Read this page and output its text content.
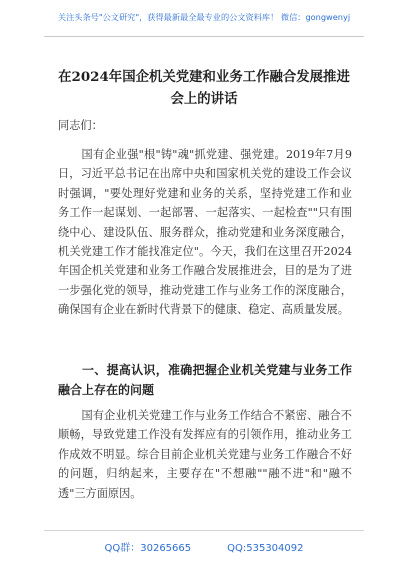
关注头条号"公文研究"，获得最新最全最专业的公文资料库！ 微信：gongwenyj
在2024年国企机关党建和业务工作融合发展推进会上的讲话
同志们：
国有企业强"根"铸"魂"抓党建、强党建。2019年7月9日，习近平总书记在出席中央和国家机关党的建设工作会议时强调，"要处理好党建和业务的关系，坚持党建工作和业务工作一起谋划、一起部署、一起落实、一起检查""只有围绕中心、建设队伍、服务群众，推动党建和业务深度融合，机关党建工作才能找准定位"。今天，我们在这里召开2024年国企机关党建和业务工作融合发展推进会，目的是为了进一步强化党的领导，推动党建工作与业务工作的深度融合，确保国有企业在新时代背景下的健康、稳定、高质量发展。
一、提高认识，准确把握企业机关党建与业务工作融合上存在的问题
国有企业机关党建工作与业务工作结合不紧密、融合不顺畅，导致党建工作没有发挥应有的引领作用，推动业务工作成效不明显。综合目前企业机关党建与业务工作融合不好的问题，归纳起来，主要存在"不想融""融不进"和"融不透"三方面原因。
QQ群：30265665	QQ:535304092
